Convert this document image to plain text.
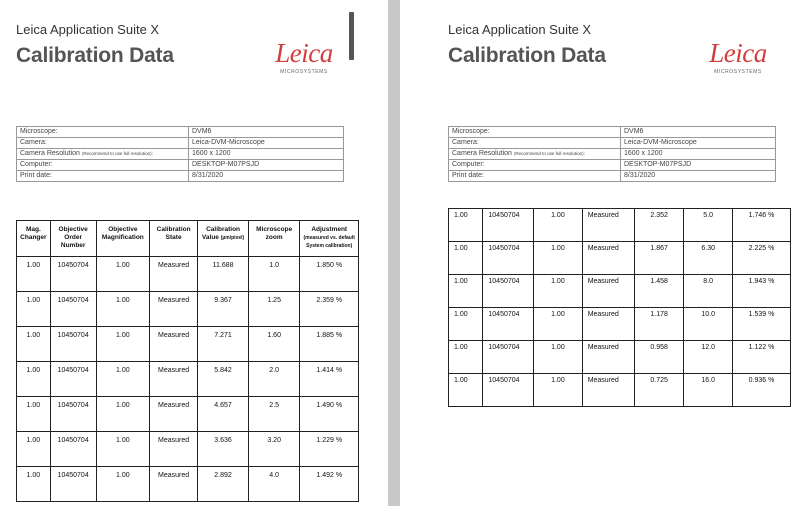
Leica Application Suite X
Calibration Data	Leica
MICROSYSTEMS
Microscope:	DVM6
Camera:	Leica-DVM-Microscope
Camera Resolution (Recommend to use full resolution):	1600 x 1200
Computer:	DESKTOP-M07PSJD
Print date:	8/31/2020
Mag. Changer	Objective Order Number	Objective Magnification	Calibration State	Calibration Value (µm/pixel)	Microscope zoom	Adjustment (measured vs. default System calibration)
1.00	10450704	1.00	Measured	11.688	1.0	1.850 %
1.00	10450704	1.00	Measured	9.367	1.25	2.359 %
1.00	10450704	1.00	Measured	7.271	1.60	1.885 %
1.00	10450704	1.00	Measured	5.842	2.0	1.414 %
1.00	10450704	1.00	Measured	4.657	2.5	1.490 %
1.00	10450704	1.00	Measured	3.636	3.20	1.229 %
1.00	10450704	1.00	Measured	2.892	4.0	1.492 %
Leica Application Suite X
Calibration Data	Leica
MICROSYSTEMS
Microscope:	DVM6
Camera:	Leica-DVM-Microscope
Camera Resolution (Recommend to use full resolution):	1600 x 1200
Computer:	DESKTOP-M07PSJD
Print date:	8/31/2020
1.00	10450704	1.00	Measured	2.352	5.0	1.746 %
1.00	10450704	1.00	Measured	1.867	6.30	2.225 %
1.00	10450704	1.00	Measured	1.458	8.0	1.943 %
1.00	10450704	1.00	Measured	1.178	10.0	1.539 %
1.00	10450704	1.00	Measured	0.958	12.0	1.122 %
1.00	10450704	1.00	Measured	0.725	16.0	0.936 %
